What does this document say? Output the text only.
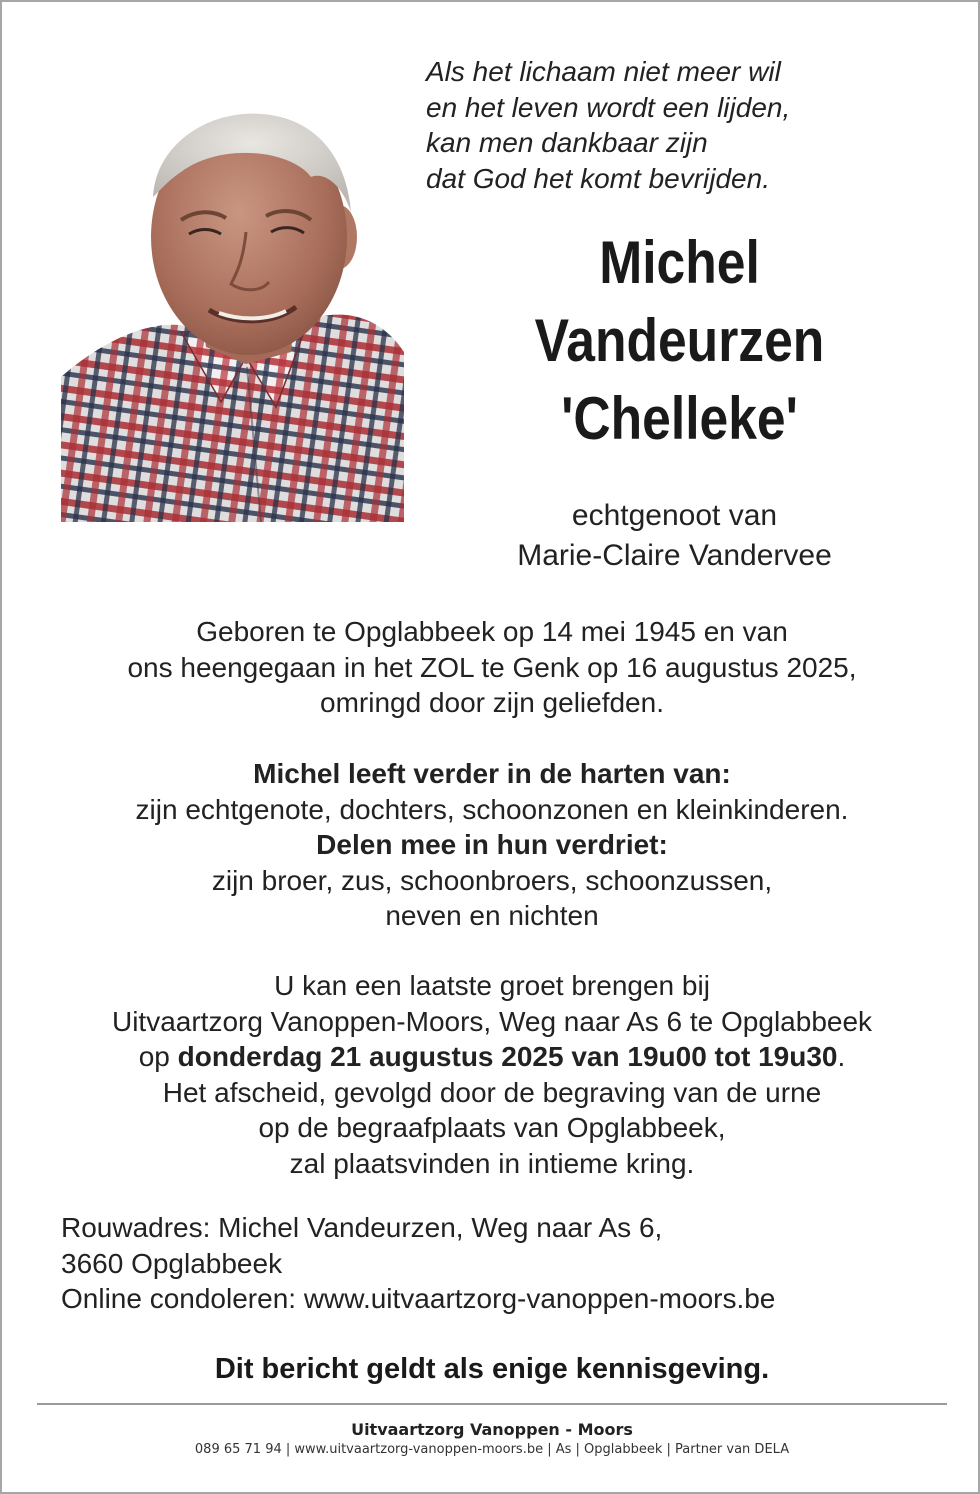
Als het lichaam niet meer wil
en het leven wordt een lijden,
kan men dankbaar zijn
dat God het komt bevrijden.
Michel
Vandeurzen
'Chelleke'
echtgenoot van
Marie-Claire Vandervee
Geboren te Opglabbeek op 14 mei 1945 en van
ons heengegaan in het ZOL te Genk op 16 augustus 2025,
omringd door zijn geliefden.
Michel leeft verder in de harten van:
zijn echtgenote, dochters, schoonzonen en kleinkinderen.
Delen mee in hun verdriet:
zijn broer, zus, schoonbroers, schoonzussen,
neven en nichten
U kan een laatste groet brengen bij
Uitvaartzorg Vanoppen-Moors, Weg naar As 6 te Opglabbeek
op donderdag 21 augustus 2025 van 19u00 tot 19u30.
Het afscheid, gevolgd door de begraving van de urne
op de begraafplaats van Opglabbeek,
zal plaatsvinden in intieme kring.
Rouwadres: Michel Vandeurzen, Weg naar As 6,
3660 Opglabbeek
Online condoleren: www.uitvaartzorg-vanoppen-moors.be
Dit bericht geldt als enige kennisgeving.
Uitvaartzorg Vanoppen - Moors
089 65 71 94 | www.uitvaartzorg-vanoppen-moors.be | As | Opglabbeek | Partner van DELA
